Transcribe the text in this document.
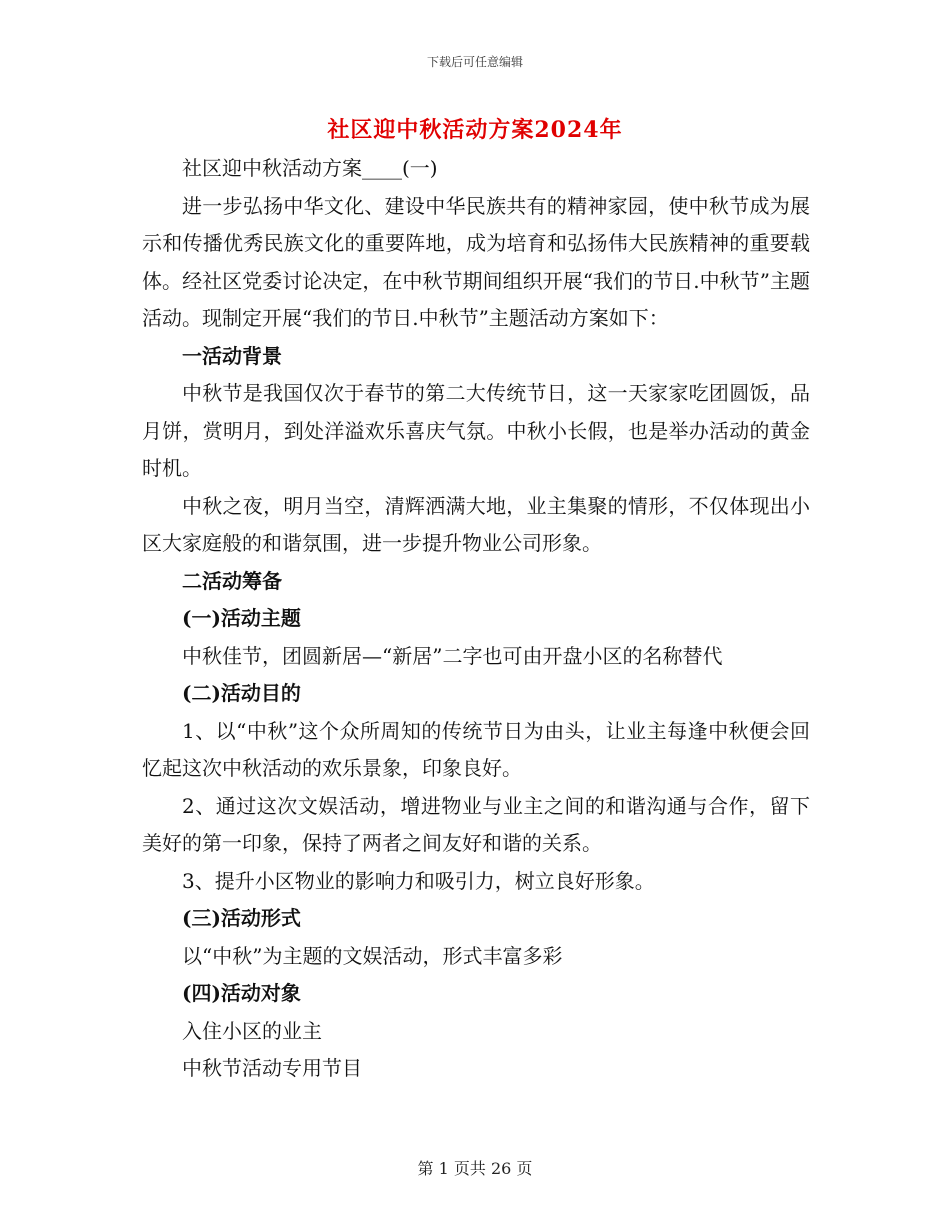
下载后可任意编辑
社区迎中秋活动方案2024年

社区迎中秋活动方案____(一)

进一步弘扬中华文化、建设中华民族共有的精神家园，使中秋节成为展示和传播优秀民族文化的重要阵地，成为培育和弘扬伟大民族精神的重要载体。经社区党委讨论决定，在中秋节期间组织开展“我们的节日.中秋节”主题活动。现制定开展“我们的节日.中秋节”主题活动方案如下：

一活动背景

中秋节是我国仅次于春节的第二大传统节日，这一天家家吃团圆饭，品月饼，赏明月，到处洋溢欢乐喜庆气氛。中秋小长假，也是举办活动的黄金时机。

中秋之夜，明月当空，清辉洒满大地，业主集聚的情形，不仅体现出小区大家庭般的和谐氛围，进一步提升物业公司形象。

二活动筹备

(一)活动主题

中秋佳节，团圆新居—“新居”二字也可由开盘小区的名称替代

(二)活动目的

1、以“中秋”这个众所周知的传统节日为由头，让业主每逢中秋便会回忆起这次中秋活动的欢乐景象，印象良好。

2、通过这次文娱活动，增进物业与业主之间的和谐沟通与合作，留下美好的第一印象，保持了两者之间友好和谐的关系。

3、提升小区物业的影响力和吸引力，树立良好形象。

(三)活动形式

以“中秋”为主题的文娱活动，形式丰富多彩

(四)活动对象

入住小区的业主

中秋节活动专用节目

第 1 页共 26 页
